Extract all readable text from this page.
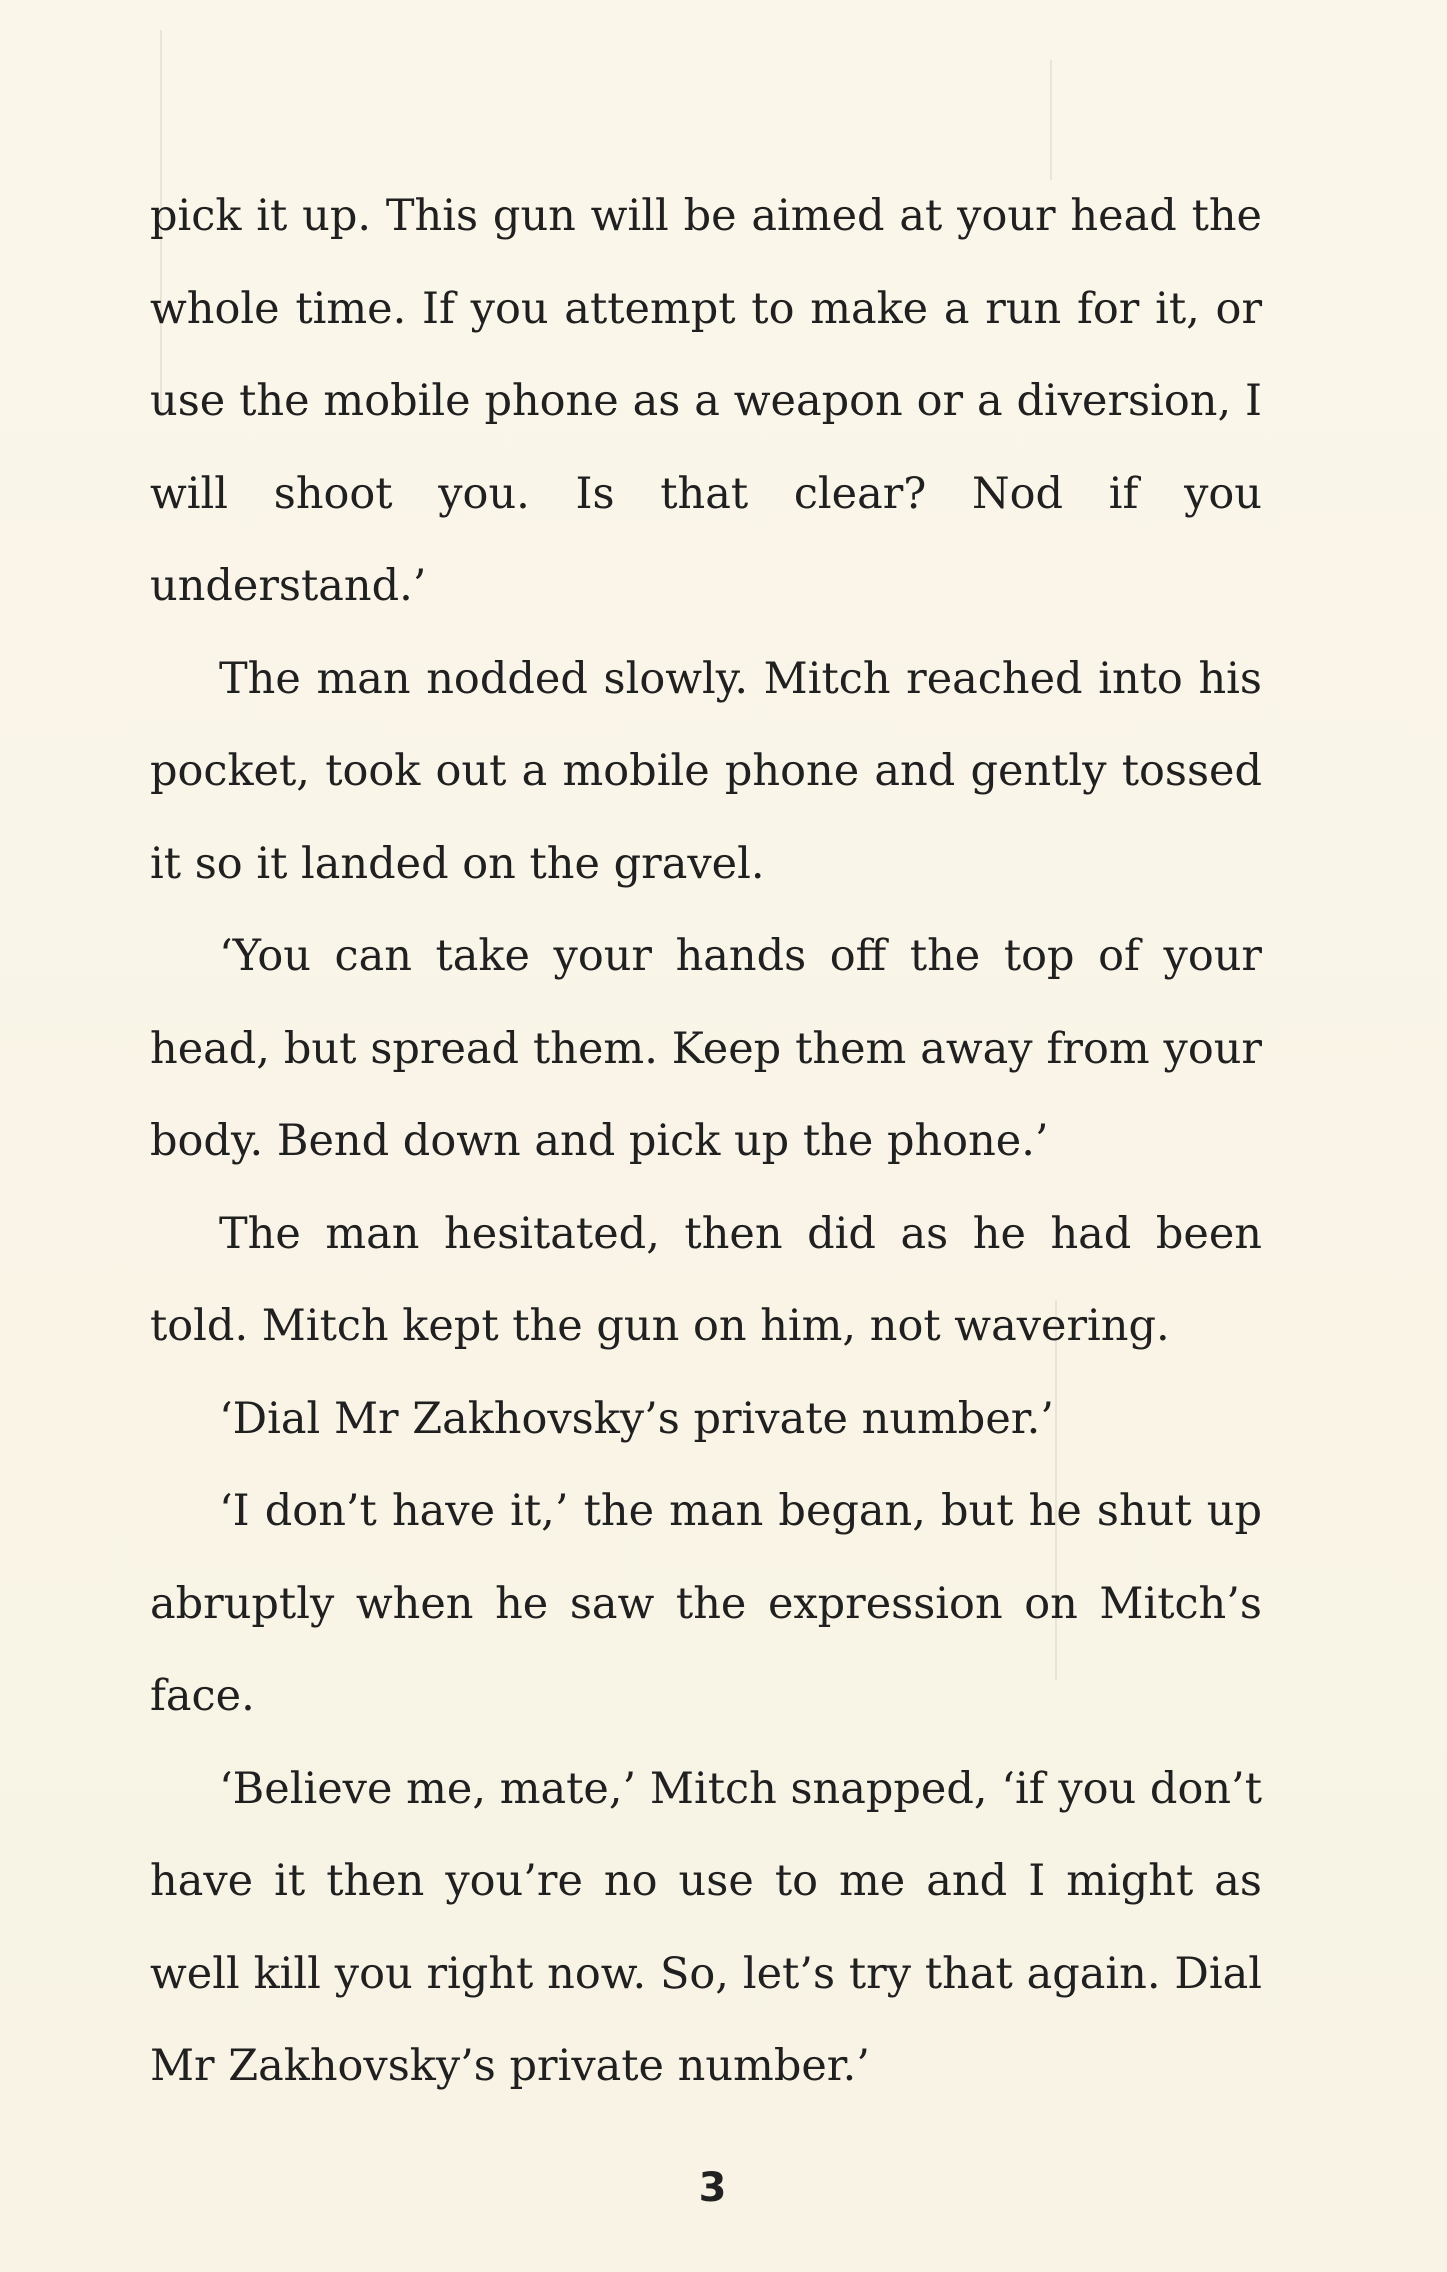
pick it up. This gun will be aimed at your head the whole time. If you attempt to make a run for it, or use the mobile phone as a weapon or a diversion, I will shoot you. Is that clear? Nod if you understand.’

The man nodded slowly. Mitch reached into his pocket, took out a mobile phone and gently tossed it so it landed on the gravel.

‘You can take your hands off the top of your head, but spread them. Keep them away from your body. Bend down and pick up the phone.’

The man hesitated, then did as he had been told. Mitch kept the gun on him, not wavering.

‘Dial Mr Zakhovsky’s private number.’

‘I don’t have it,’ the man began, but he shut up abruptly when he saw the expression on Mitch’s face.

‘Believe me, mate,’ Mitch snapped, ‘if you don’t have it then you’re no use to me and I might as well kill you right now. So, let’s try that again. Dial Mr Zakhovsky’s private number.’

3
